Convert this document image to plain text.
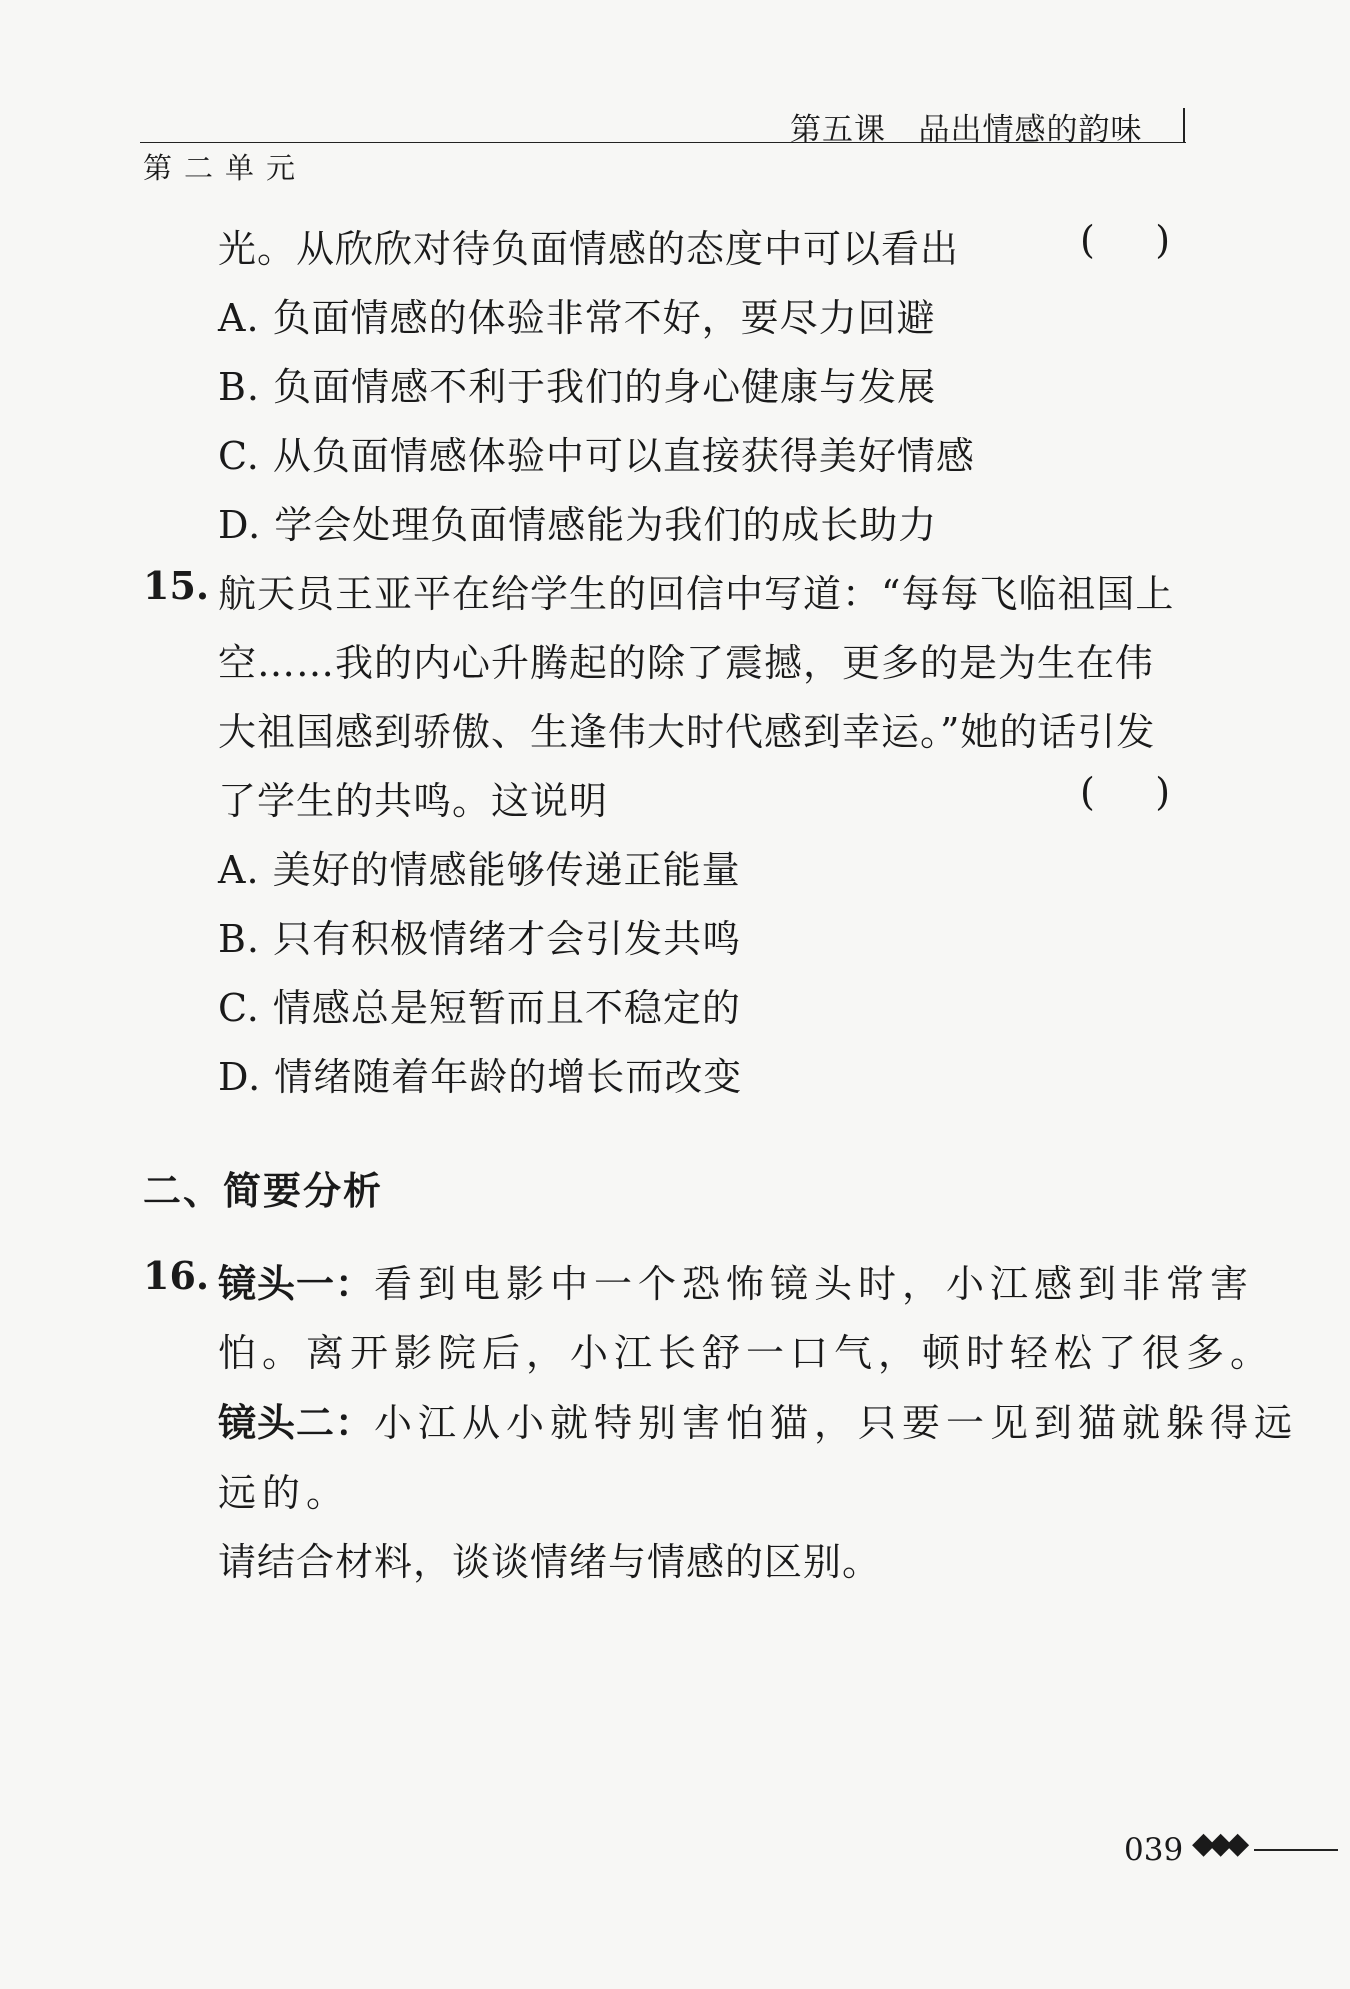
第五课   品出情感的韵味
第二单元
光。从欣欣对待负面情感的态度中可以看出	(     )
A. 负面情感的体验非常不好，要尽力回避
B. 负面情感不利于我们的身心健康与发展
C. 从负面情感体验中可以直接获得美好情感
D. 学会处理负面情感能为我们的成长助力
15. 航天员王亚平在给学生的回信中写道：“每每飞临祖国上
空……我的内心升腾起的除了震撼，更多的是为生在伟
大祖国感到骄傲、生逢伟大时代感到幸运。”她的话引发
了学生的共鸣。这说明	(     )
A. 美好的情感能够传递正能量
B. 只有积极情绪才会引发共鸣
C. 情感总是短暂而且不稳定的
D. 情绪随着年龄的增长而改变
二、简要分析
16. 镜头一：看到电影中一个恐怖镜头时，小江感到非常害
怕。离开影院后，小江长舒一口气，顿时轻松了很多。
镜头二：小江从小就特别害怕猫，只要一见到猫就躲得远
远的。
请结合材料，谈谈情绪与情感的区别。
039 ◆◆◆
